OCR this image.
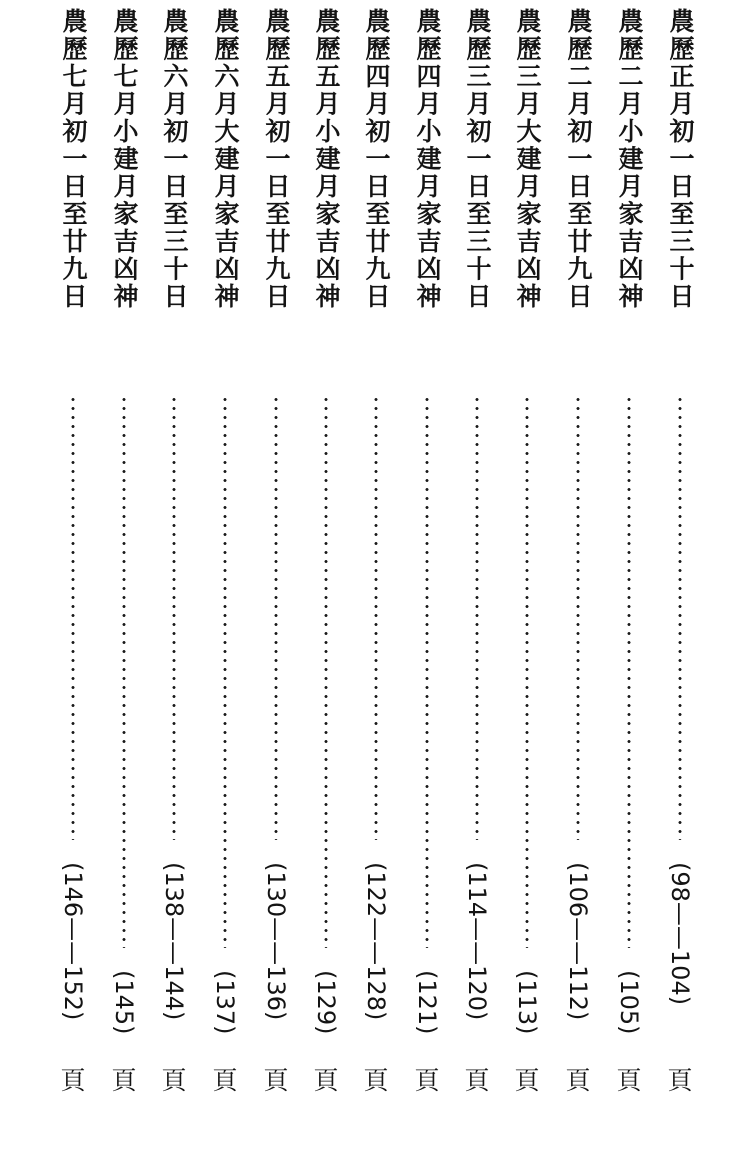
農歷正月初一日至三十日
(98——104)
頁
農歷二月小建月家吉凶神
(105)
頁
農歷二月初一日至廿九日
(106——112)
頁
農歷三月大建月家吉凶神
(113)
頁
農歷三月初一日至三十日
(114——120)
頁
農歷四月小建月家吉凶神
(121)
頁
農歷四月初一日至廿九日
(122——128)
頁
農歷五月小建月家吉凶神
(129)
頁
農歷五月初一日至廿九日
(130——136)
頁
農歷六月大建月家吉凶神
(137)
頁
農歷六月初一日至三十日
(138——144)
頁
農歷七月小建月家吉凶神
(145)
頁
農歷七月初一日至廿九日
(146——152)
頁
